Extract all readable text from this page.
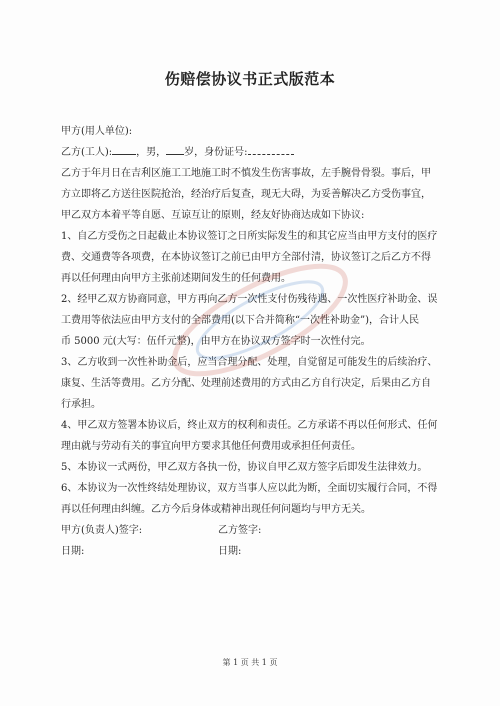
伤赔偿协议书正式版范本
甲方(用人单位):
乙方(工人): ，男， 岁，身份证号:
乙方于年月日在吉利区施工工地施工时不慎发生伤害事故，左手腕骨骨裂。事后，甲
方立即将乙方送往医院抢治，经治疗后复查，现无大碍，为妥善解决乙方受伤事宜，
甲乙双方本着平等自愿、互谅互让的原则，经友好协商达成如下协议:
1、自乙方受伤之日起截止本协议签订之日所实际发生的和其它应当由甲方支付的医疗
费、交通费等各项费，在本协议签订之前已由甲方全部付清，协议签订之后乙方不得
再以任何理由向甲方主张前述期间发生的任何费用。
2、经甲乙双方协商同意，甲方再向乙方一次性支付伤残待遇、一次性医疗补助金、误
工费用等依法应由甲方支付的全部费用(以下合并简称“一次性补助金”)，合计人民
币 5000 元(大写：伍仟元整)，由甲方在协议双方签字时一次性付完。
3、乙方收到一次性补助金后，应当合理分配、处理，自觉留足可能发生的后续治疗、
康复、生活等费用。乙方分配、处理前述费用的方式由乙方自行决定，后果由乙方自
行承担。
4、甲乙双方签署本协议后，终止双方的权利和责任。乙方承诺不再以任何形式、任何
理由就与劳动有关的事宜向甲方要求其他任何费用或承担任何责任。
5、本协议一式两份，甲乙双方各执一份，协议自甲乙双方签字后即发生法律效力。
6、本协议为一次性终结处理协议，双方当事人应以此为断，全面切实履行合同，不得
再以任何理由纠缠。乙方今后身体或精神出现任何问题均与甲方无关。
甲方(负责人)签字:	乙方签字:
日期:	日期:
第 1 页 共 1 页
